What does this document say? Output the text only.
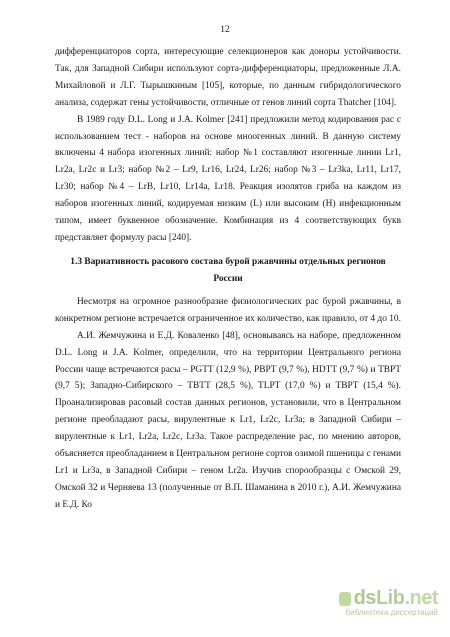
12

дифференциаторов сорта, интересующие селекционеров как доноры устойчивости. Так, для Западной Сибири используют сорта-дифференциаторы, предложенные Л.А. Михайловой и Л.Г. Тырышкиным [105], которые, по данным гибридологического анализа, содержат гены устойчивости, отличные от генов линий сорта Thatcher [104].

В 1989 году D.L. Long и J.A. Kolmer [241] предложили метод кодирования рас с использованием тест - наборов на основе мноогенных линий. В данную систему включены 4 набора изогенных линий: набор №1 составляют изогенные линии Lr1, Lr2a, Lr2c и Lr3; набор №2 – Lr9, Lr16, Lr24, Lr26; набор №3 – Lr3ka, Lr11, Lr17, Lr30; набор №4 – LrB, Lr10, Lr14a, Lr18. Реакция изолятов гриба на каждом из наборов изогенных линий, кодируемая низким (L) или высоким (H) инфекционным типом, имеет буквенное обозначение. Комбинация из 4 соответствующих букв представляет формулу расы [240].

1.3 Вариативность расового состава бурой ржавчины отдельных регионов России

Несмотря на огромное разнообразие физиологических рас бурой ржавчины, в конкретном регионе встречается ограниченное их количество, как правило, от 4 до 10.

А.И. Жемчужина и Е.Д. Коваленко [48], основываясь на наборе, предложенном D.L. Long и J.A. Kolmer, определили, что на территории Центрального региона России чаще встречаются расы – PGTT (12,9 %), PBPT (9,7 %), HDTT (9,7 %) и TBPT (9,7 5); Западно-Сибирского – TBTT (28,5 %), TLPT (17,0 %) и TBPT (15,4 %). Проанализировав расовый состав данных регионов, установили, что в Центральном регионе преобладают расы, вирулентные к Lr1, Lr2c, Lr3a; в Западной Сибири – вирулентные к Lr1, Lr2a, Lr2c, Lr3a. Такое распределение рас, по мнению авторов, объясняется преобладанием в Центральном регионе сортов озимой пшеницы с генами Lr1 и Lr3a, в Западной Сибири – геном Lr2a. Изучив спорообразцы с Омской 29, Омской 32 и Черняева 13 (полученные от В.П. Шаманина в 2010 г.), А.И. Жемчужина и Е.Д. Ко

dsLib.net
библиотека диссертаций
